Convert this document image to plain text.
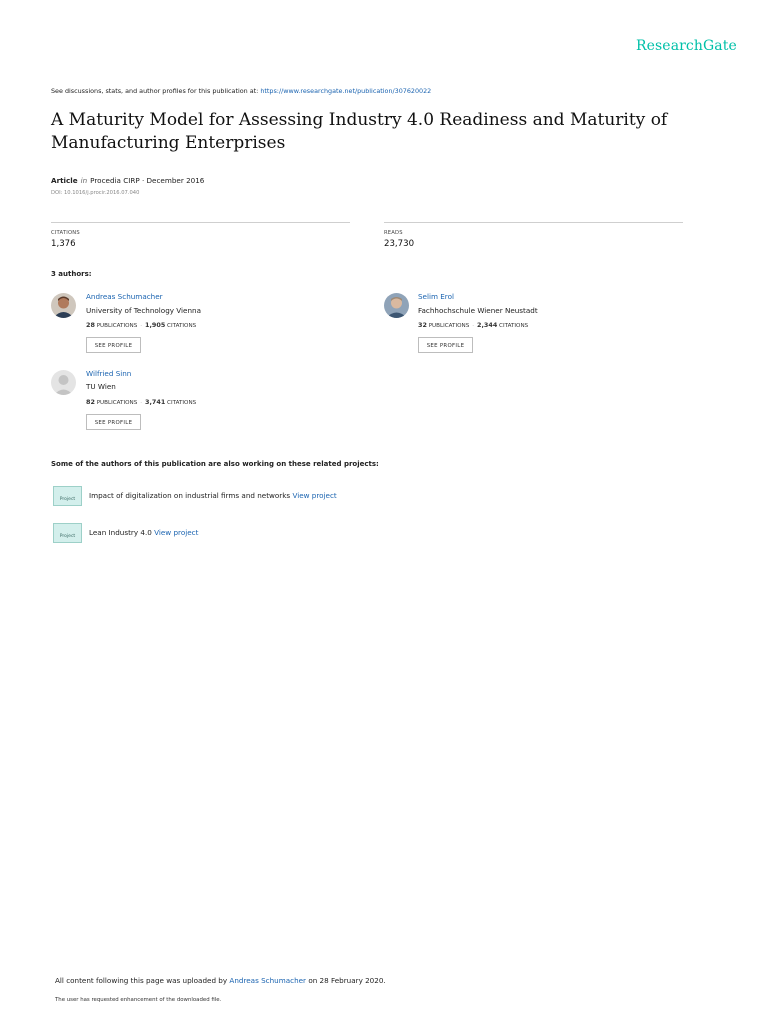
ResearchGate
See discussions, stats, and author profiles for this publication at: https://www.researchgate.net/publication/307620022
A Maturity Model for Assessing Industry 4.0 Readiness and Maturity of Manufacturing Enterprises
Article in Procedia CIRP · December 2016
DOI: 10.1016/j.procir.2016.07.040
CITATIONS
1,376
READS
23,730
3 authors:
Andreas Schumacher
University of Technology Vienna
28 PUBLICATIONS · 1,905 CITATIONS
SEE PROFILE
Selim Erol
Fachhochschule Wiener Neustadt
32 PUBLICATIONS · 2,344 CITATIONS
SEE PROFILE
Wilfried Sinn
TU Wien
82 PUBLICATIONS · 3,741 CITATIONS
SEE PROFILE
Some of the authors of this publication are also working on these related projects:
Project	Impact of digitalization on industrial firms and networks View project
Project	Lean Industry 4.0 View project
All content following this page was uploaded by Andreas Schumacher on 28 February 2020.
The user has requested enhancement of the downloaded file.
